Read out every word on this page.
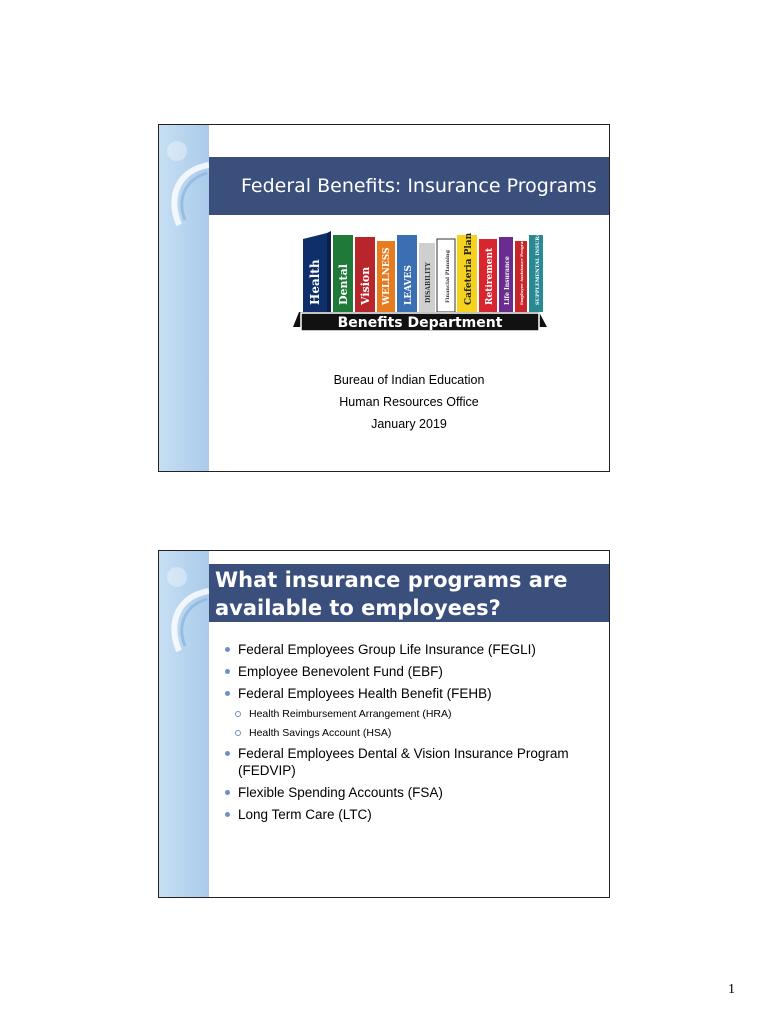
Federal Benefits: Insurance Programs
Health Dental Vision WELLNESS LEAVES DISABILITY	Financial Planning Cafeteria Plan Retirement Life Insurance Employee Assistance Program (EAP) SUPPLEMENTAL INSURANCES
Benefits Department
Bureau of Indian Education
Human Resources Office
January 2019
What insurance programs are
available to employees?
Federal Employees Group Life Insurance (FEGLI)
Employee Benevolent Fund (EBF)
Federal Employees Health Benefit (FEHB)
Health Reimbursement Arrangement (HRA)
Health Savings Account (HSA)
Federal Employees Dental & Vision Insurance Program (FEDVIP)
Flexible Spending Accounts (FSA)
Long Term Care (LTC)
1
